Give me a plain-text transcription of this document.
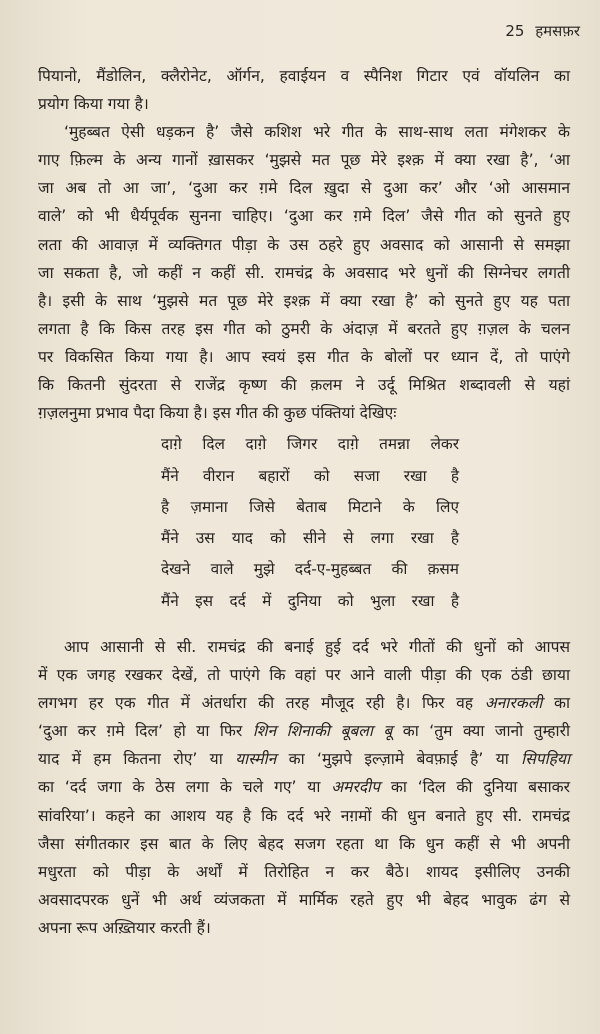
25 हमसफ़र
पियानो, मैंडोलिन, क्लैरोनेट, ऑर्गन, हवाईयन व स्पैनिश गिटार एवं वॉयलिन का
प्रयोग किया गया है।
‘मुहब्बत ऐसी धड़कन है’ जैसे कशिश भरे गीत के साथ-साथ लता मंगेशकर के
गाए फ़िल्म के अन्य गानों ख़ासकर ‘मुझसे मत पूछ मेरे इश्क़ में क्या रखा है’, ‘आ
जा अब तो आ जा’, ‘दुआ कर ग़मे दिल ख़ुदा से दुआ कर’ और ‘ओ आसमान
वाले’ को भी धैर्यपूर्वक सुनना चाहिए। ‘दुआ कर ग़मे दिल’ जैसे गीत को सुनते हुए
लता की आवाज़ में व्यक्तिगत पीड़ा के उस ठहरे हुए अवसाद को आसानी से समझा
जा सकता है, जो कहीं न कहीं सी. रामचंद्र के अवसाद भरे धुनों की सिग्नेचर लगती
है। इसी के साथ ‘मुझसे मत पूछ मेरे इश्क़ में क्या रखा है’ को सुनते हुए यह पता
लगता है कि किस तरह इस गीत को ठुमरी के अंदाज़ में बरतते हुए ग़ज़ल के चलन
पर विकसित किया गया है। आप स्वयं इस गीत के बोलों पर ध्यान दें, तो पाएंगे
कि कितनी सुंदरता से राजेंद्र कृष्ण की क़लम ने उर्दू मिश्रित शब्दावली से यहां
ग़ज़लनुमा प्रभाव पैदा किया है। इस गीत की कुछ पंक्तियां देखिएः
दाग़े दिल दाग़े जिगर दाग़े तमन्ना लेकर
मैंने वीरान बहारों को सजा रखा है
है ज़माना जिसे बेताब मिटाने के लिए
मैंने उस याद को सीने से लगा रखा है
देखने वाले मुझे दर्द-ए-मुहब्बत की क़सम
मैंने इस दर्द में दुनिया को भुला रखा है
आप आसानी से सी. रामचंद्र की बनाई हुई दर्द भरे गीतों की धुनों को आपस
में एक जगह रखकर देखें, तो पाएंगे कि वहां पर आने वाली पीड़ा की एक ठंडी छाया
लगभग हर एक गीत में अंतर्धारा की तरह मौजूद रही है। फिर वह अनारकली का
‘दुआ कर ग़मे दिल’ हो या फिर शिन शिनाकी बूबला बू का ‘तुम क्या जानो तुम्हारी
याद में हम कितना रोए’ या यास्मीन का ‘मुझपे इल्ज़ामे बेवफ़ाई है’ या सिपहिया
का ‘दर्द जगा के ठेस लगा के चले गए’ या अमरदीप का ‘दिल की दुनिया बसाकर
सांवरिया’। कहने का आशय यह है कि दर्द भरे नग़मों की धुन बनाते हुए सी. रामचंद्र
जैसा संगीतकार इस बात के लिए बेहद सजग रहता था कि धुन कहीं से भी अपनी
मधुरता को पीड़ा के अर्थों में तिरोहित न कर बैठे। शायद इसीलिए उनकी
अवसादपरक धुनें भी अर्थ व्यंजकता में मार्मिक रहते हुए भी बेहद भावुक ढंग से
अपना रूप अख़्तियार करती हैं।
